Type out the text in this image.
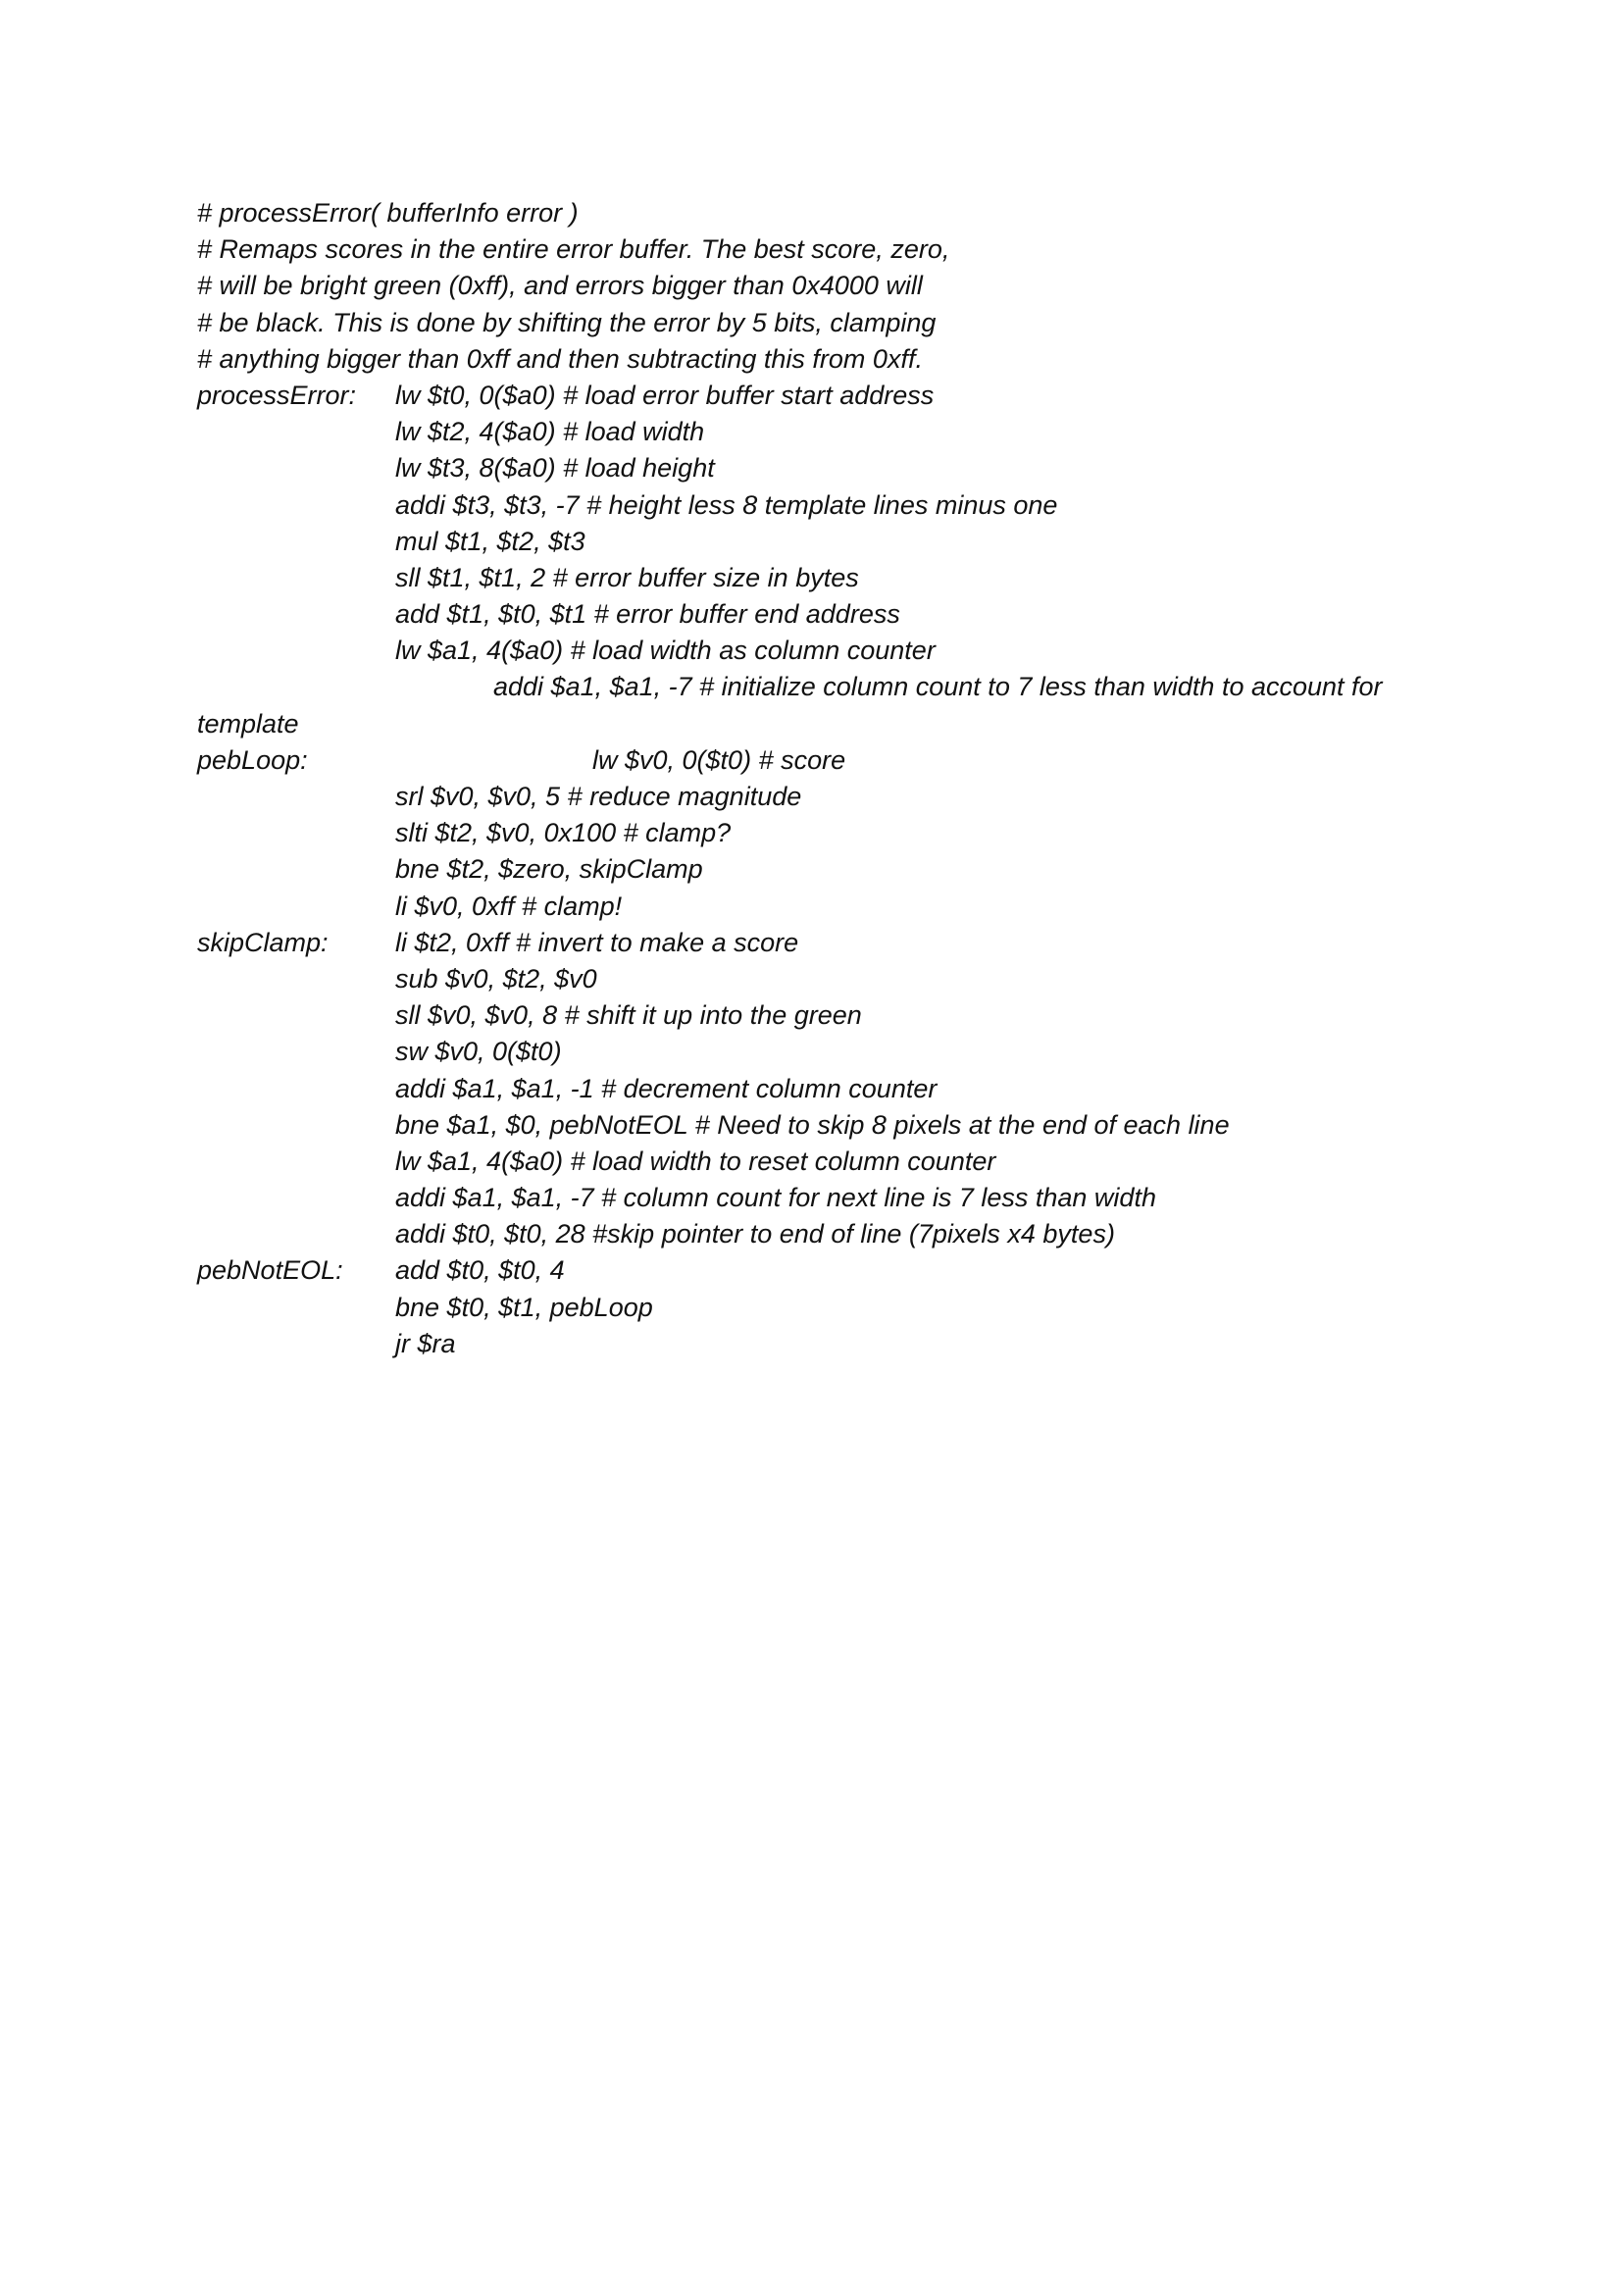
# processError( bufferInfo error )
# Remaps scores in the entire error buffer. The best score, zero,
# will be bright green (0xff), and errors bigger than 0x4000 will
# be black. This is done by shifting the error by 5 bits, clamping
# anything bigger than 0xff and then subtracting this from 0xff.
processError: lw $t0, 0($a0) # load error buffer start address
lw $t2, 4($a0) # load width
lw $t3, 8($a0) # load height
addi $t3, $t3, -7 # height less 8 template lines minus one
mul $t1, $t2, $t3
sll $t1, $t1, 2 # error buffer size in bytes
add $t1, $t0, $t1 # error buffer end address
lw $a1, 4($a0) # load width as column counter
addi $a1, $a1, -7 # initialize column count to 7 less than width to account for
template
pebLoop:	lw $v0, 0($t0) # score
srl $v0, $v0, 5 # reduce magnitude
slti $t2, $v0, 0x100 # clamp?
bne $t2, $zero, skipClamp
li $v0, 0xff # clamp!
skipClamp:	li $t2, 0xff # invert to make a score
sub $v0, $t2, $v0
sll $v0, $v0, 8 # shift it up into the green
sw $v0, 0($t0)
addi $a1, $a1, -1 # decrement column counter
bne $a1, $0, pebNotEOL # Need to skip 8 pixels at the end of each line
lw $a1, 4($a0) # load width to reset column counter
addi $a1, $a1, -7 # column count for next line is 7 less than width
addi $t0, $t0, 28 #skip pointer to end of line (7pixels x4 bytes)
pebNotEOL: add $t0, $t0, 4
bne $t0, $t1, pebLoop
jr $ra
